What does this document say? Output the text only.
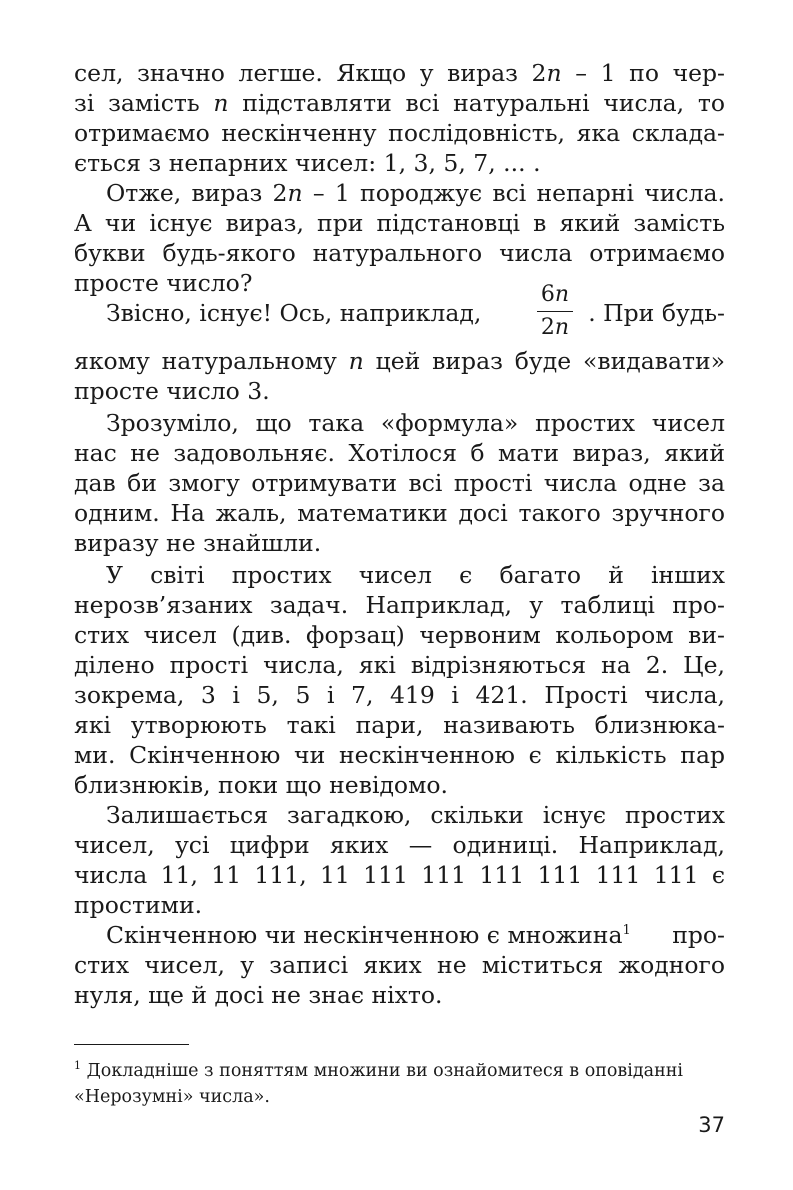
сел, значно легше. Якщо у вираз 2n – 1 по чер-
зі замість n підставляти всі натуральні числа, то
отримаємо нескінченну послідовність, яка склада-
ється з непарних чисел: 1, 3, 5, 7, ... .
Отже, вираз 2n – 1 породжує всі непарні числа.
А чи існує вираз, при підстановці в який замість
букви будь-якого натурального числа отримаємо
просте число?
Звісно, існує! Ось, наприклад,	$\frac{6n}{2n}$ . При будь-
якому натуральному n цей вираз буде «видавати»
просте число 3.
Зрозуміло, що така «формула» простих чисел
нас не задовольняє. Хотілося б мати вираз, який
дав би змогу отримувати всі прості числа одне за
одним. На жаль, математики досі такого зручного
виразу не знайшли.
У світі простих чисел є багато й інших
нерозв’язаних задач. Наприклад, у таблиці про-
стих чисел (див. форзац) червоним кольором ви-
ділено прості числа, які відрізняються на 2. Це,
зокрема, 3 і 5, 5 і 7, 419 і 421. Прості числа,
які утворюють такі пари, називають близнюка-
ми. Скінченною чи нескінченною є кількість пар
близнюків, поки що невідомо.
Залишається загадкою, скільки існує простих
чисел, усі цифри яких — одиниці. Наприклад,
числа 11, 11 111, 11 111 111 111 111 111 111 є
простими.
Скінченною чи нескінченною є множина$^1$	про-
стих чисел, у записі яких не міститься жодного
нуля, ще й досі не знає ніхто.
$^1$ Докладніше з поняттям множини ви ознайомитеся в оповіданні
«Нерозумні» числа».
37
